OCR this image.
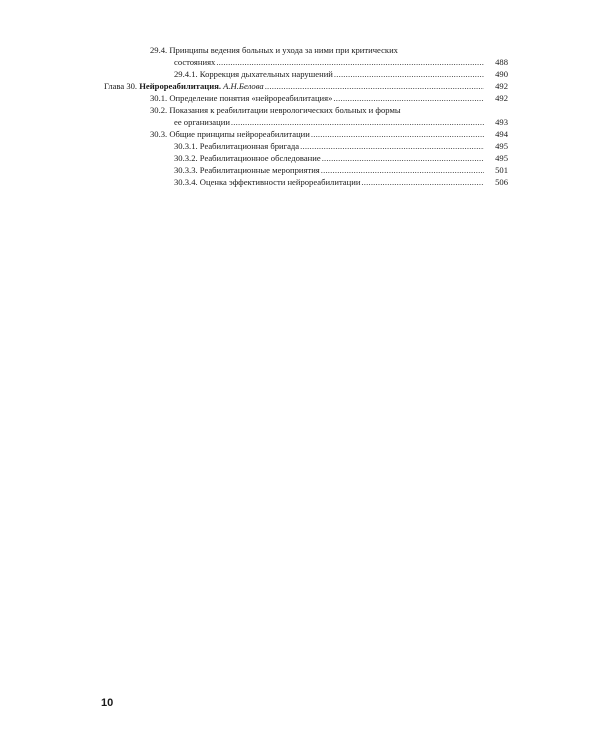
29.4. Принципы ведения больных и ухода за ними при критических
состояниях .....	488
29.4.1. Коррекция дыхательных нарушений .....	490
Глава 30. Нейрореабилитация. А.Н.Белова .....	492
30.1. Определение понятия «нейрореабилитация» .....	492
30.2. Показания к реабилитации неврологических больных и формы
ее организации .....	493
30.3. Общие принципы нейрореабилитации .....	494
30.3.1. Реабилитационная бригада .....	495
30.3.2. Реабилитационное обследование .....	495
30.3.3. Реабилитационные мероприятия .....	501
30.3.4. Оценка эффективности нейрореабилитации .....	506
10
